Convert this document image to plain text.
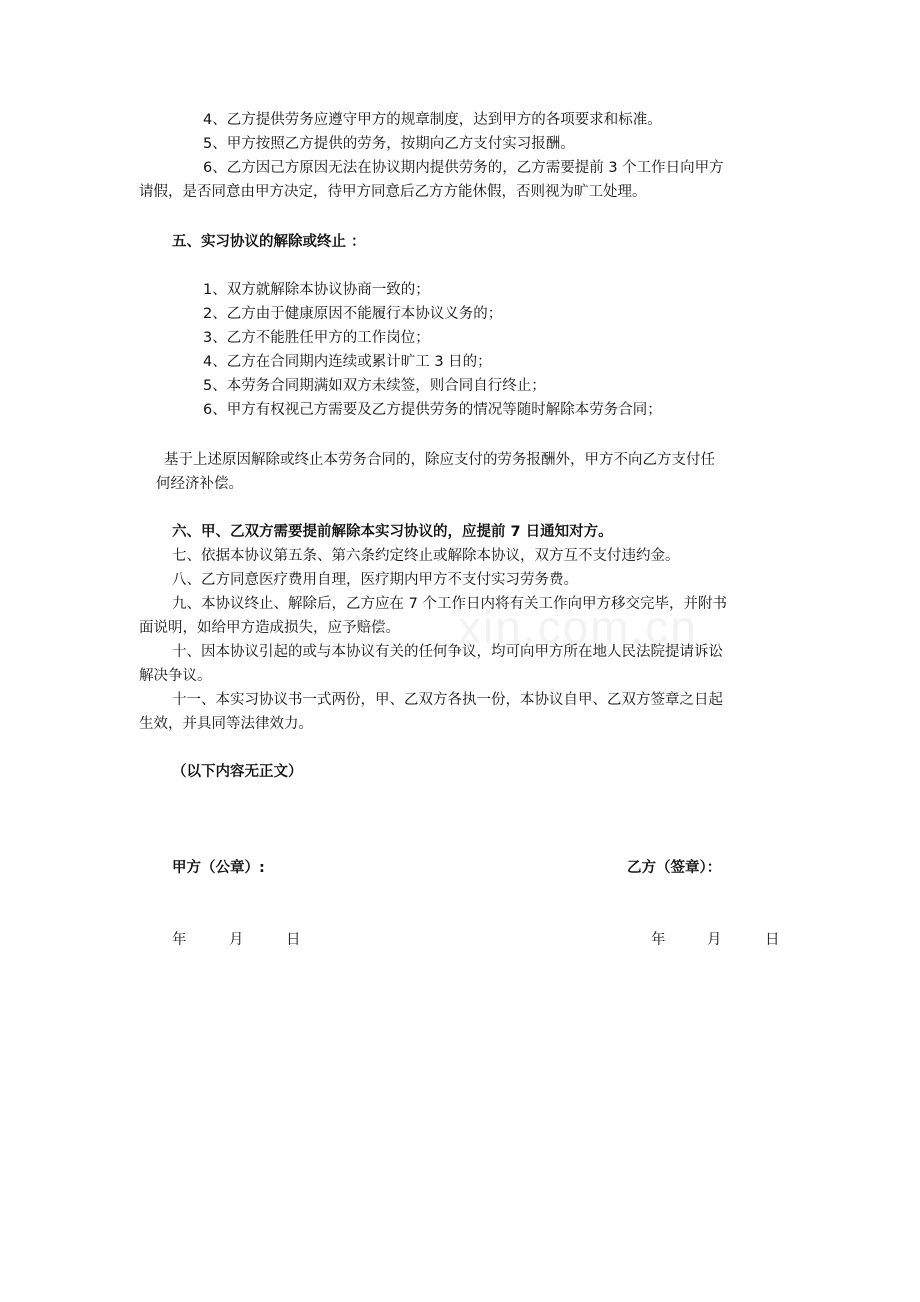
xin.com.cn
4、乙方提供劳务应遵守甲方的规章制度，达到甲方的各项要求和标准。
5、甲方按照乙方提供的劳务，按期向乙方支付实习报酬。
6、乙方因己方原因无法在协议期内提供劳务的，乙方需要提前 3 个工作日向甲方
请假，是否同意由甲方决定，待甲方同意后乙方方能休假，否则视为旷工处理。
五、实习协议的解除或终止 ：
1、双方就解除本协议协商一致的；
2、乙方由于健康原因不能履行本协议义务的；
3、乙方不能胜任甲方的工作岗位；
4、乙方在合同期内连续或累计旷工 3 日的；
5、本劳务合同期满如双方未续签，则合同自行终止；
6、甲方有权视己方需要及乙方提供劳务的情况等随时解除本劳务合同；
基于上述原因解除或终止本劳务合同的，除应支付的劳务报酬外，甲方不向乙方支付任
何经济补偿。
六、甲、乙双方需要提前解除本实习协议的，应提前 7 日通知对方。
七、依据本协议第五条、第六条约定终止或解除本协议，双方互不支付违约金。
八、乙方同意医疗费用自理，医疗期内甲方不支付实习劳务费。
九、本协议终止、解除后，乙方应在 7 个工作日内将有关工作向甲方移交完毕，并附书
面说明，如给甲方造成损失，应予赔偿。
十、因本协议引起的或与本协议有关的任何争议，均可向甲方所在地人民法院提请诉讼
解决争议。
十一、本实习协议书一式两份，甲、乙双方各执一份，本协议自甲、乙双方签章之日起
生效，并具同等法律效力。
（以下内容无正文）
甲方（公章）:	乙方（签章）：
年	月	日	年	月	日
